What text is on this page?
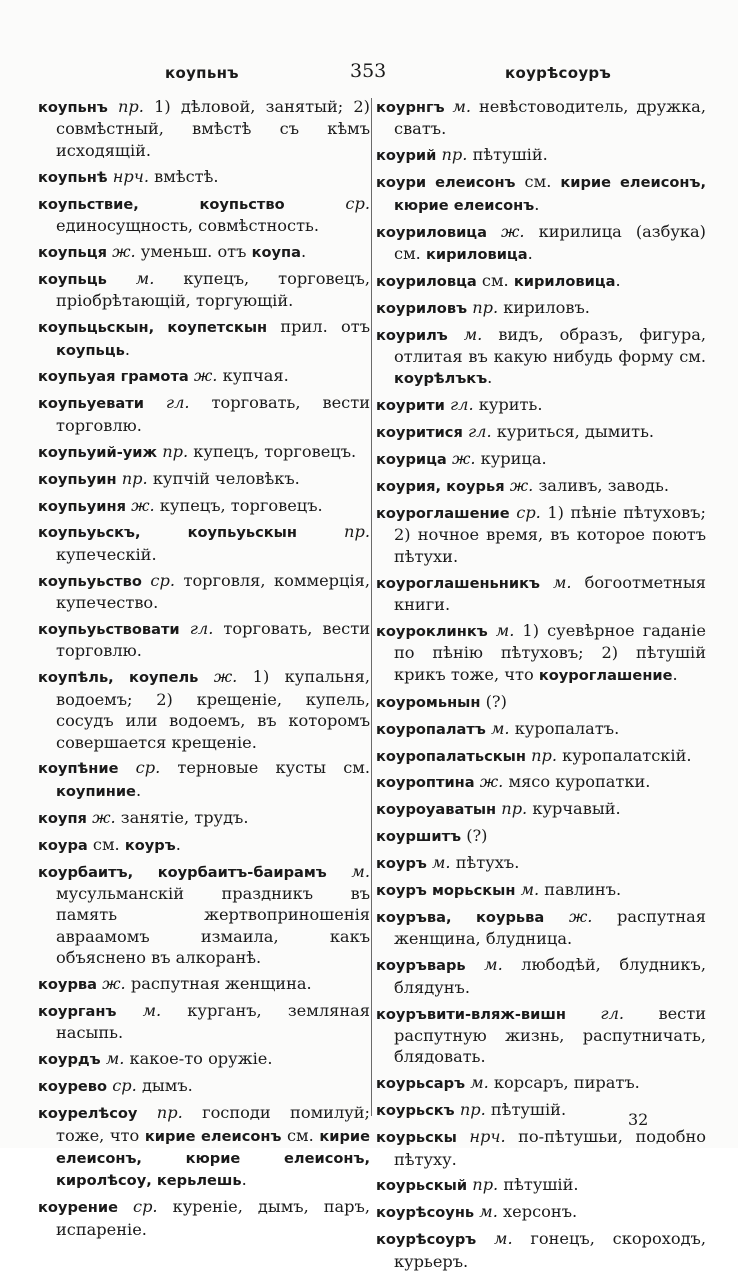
коупьнъ	353	коурѣсоуръ
коупьнъ пр. 1) дѣловой, занятый; 2) совмѣстный, вмѣстѣ съ кѣмъ исходящій.
коупьнѣ нрч. вмѣстѣ.
коупьствие, коупьство	ср. единосущность, совмѣстность.
коупьця ж. уменьш. отъ коупа.
коупьць м. купецъ, торговецъ, пріобрѣтающій, торгующій.
коупьцьскын, коупетскын прил. отъ коупьць.
коупьуая грамота ж. купчая.
коупьуевати гл. торговать, вести торговлю.
коупьуий-уиж пр. купецъ, торговецъ.
коупьуин пр. купчій человѣкъ.
коупьуиня ж. купецъ, торговецъ.
коупьуьскъ, коупьуьскын	пр. купеческій.
коупьуьство ср. торговля, коммерція, купечество.
коупьуьствовати гл. торговать, вести торговлю.
коупѣль, коупель ж. 1) купальня, водоемъ; 2) крещеніе, купель, сосудъ или водоемъ, въ которомъ совершается крещеніе.
коупѣние ср. терновые кусты см. коупиние.
коупя ж. занятіе, трудъ.
коура см. коуръ.
коурбаитъ, коурбаитъ-баирамъ м. мусульманскій праздникъ въ память жертвоприношенія авраамомъ измаила, какъ объяснено въ алкоранѣ.
коурва ж. распутная женщина.
коурганъ м. курганъ, земляная насыпь.
коурдъ м. какое-то оружіе.
коурево ср. дымъ.
коурелѣсоу пр. господи помилуй; тоже, что кирие елеисонъ см. кирие елеисонъ, кюрие елеисонъ, киролѣсоу, керьлешь.
коурение ср. куреніе, дымъ, паръ, испареніе.
коурнгъ м. невѣстоводитель, дружка, сватъ.
коурий пр. пѣтушій.
коури елеисонъ см. кирие елеисонъ, кюрие елеисонъ.
коуриловица ж. кирилица (азбука) см. кириловица.
коуриловца см. кириловица.
коуриловъ пр. кириловъ.
коурилъ м. видъ, образъ, фигура, отлитая въ какую нибудь форму см. коурѣлъкъ.
коурити гл. курить.
коуритися гл. куриться, дымить.
коурица ж. курица.
коурия, коурья ж. заливъ, заводь.
коуроглашение ср. 1) пѣніе пѣтуховъ; 2) ночное время, въ которое поютъ пѣтухи.
коуроглашеньникъ м. богоотметныя книги.
коуроклинкъ м. 1) суевѣрное гаданіе по пѣнію пѣтуховъ; 2) пѣтушій крикъ тоже, что коуроглашение.
коуромьнын (?)
коуропалатъ м. куропалатъ.
коуропалатьскын пр. куропалатскій.
коуроптина ж. мясо куропатки.
коуроуаватын пр. курчавый.
коуршитъ (?)
коуръ м. пѣтухъ.
коуръ морьскын м. павлинъ.
коуръва, коурьва ж. распутная женщина, блудница.
коуръварь м. любодѣй, блудникъ, блядунъ.
коуръвити-вляж-вишн гл. вести распутную жизнь, распутничать, блядовать.
коурьсаръ м. корсаръ, пиратъ.
коурьскъ пр. пѣтушій.
коурьскы нрч. по-пѣтушьи, подобно пѣтуху.
коурьскый пр. пѣтушій.
коурѣсоунь м. херсонъ.
коурѣсоуръ м. гонецъ, скороходъ, курьеръ.
32
